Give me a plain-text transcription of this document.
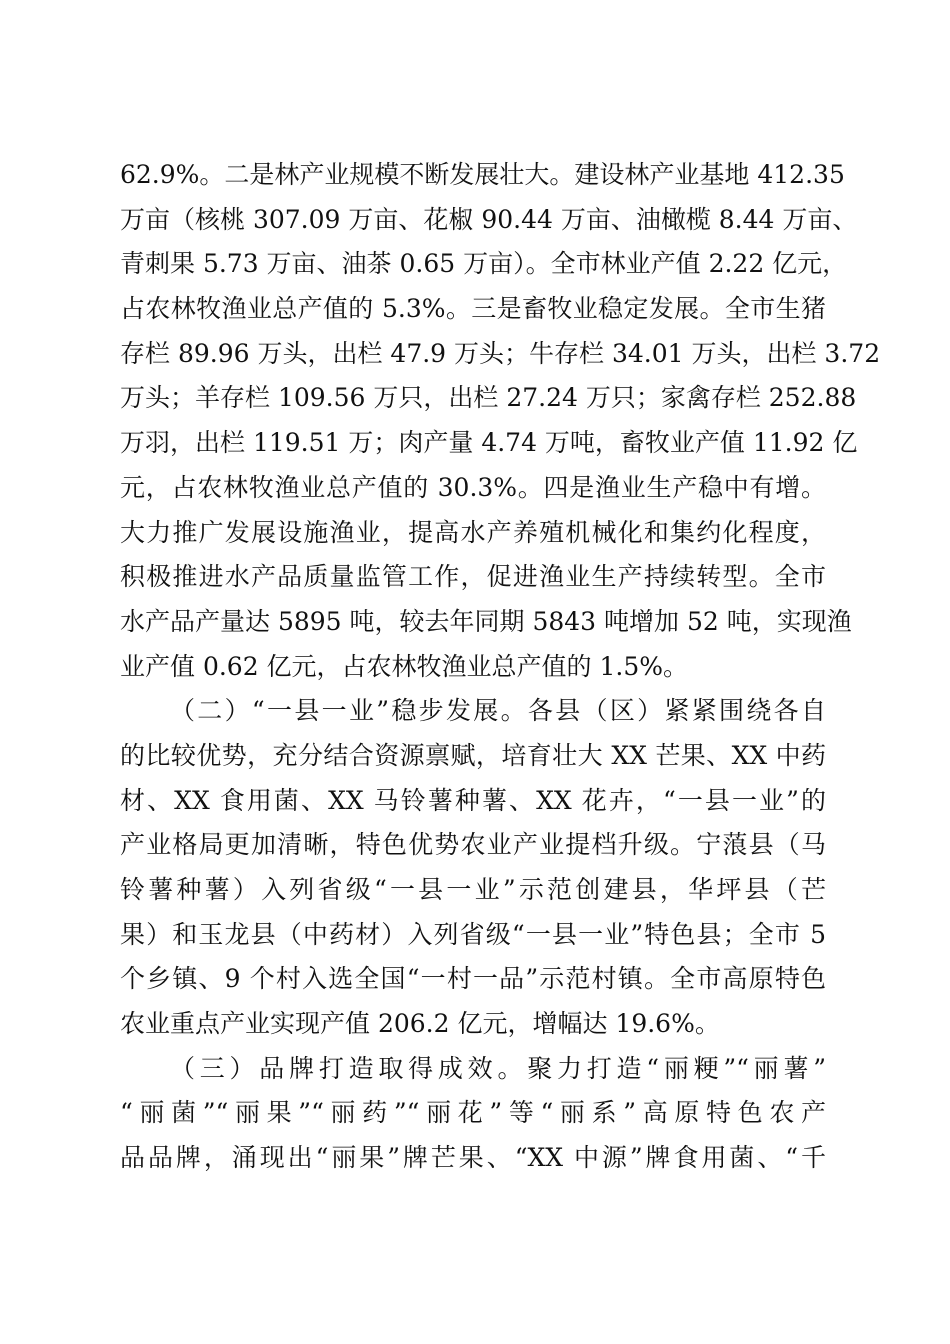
62.9%。二是林产业规模不断发展壮大。建设林产业基地 412.35
万亩（核桃 307.09 万亩、花椒 90.44 万亩、油橄榄 8.44 万亩、
青刺果 5.73 万亩、油茶 0.65 万亩）。全市林业产值 2.22 亿元，
占农林牧渔业总产值的 5.3%。三是畜牧业稳定发展。全市生猪
存栏 89.96 万头，出栏 47.9 万头；牛存栏 34.01 万头，出栏 3.72
万头；羊存栏 109.56 万只，出栏 27.24 万只；家禽存栏 252.88
万羽，出栏 119.51 万；肉产量 4.74 万吨，畜牧业产值 11.92 亿
元，占农林牧渔业总产值的 30.3%。四是渔业生产稳中有增。
大力推广发展设施渔业，提高水产养殖机械化和集约化程度，
积极推进水产品质量监管工作，促进渔业生产持续转型。全市
水产品产量达 5895 吨，较去年同期 5843 吨增加 52 吨，实现渔
业产值 0.62 亿元，占农林牧渔业总产值的 1.5%。
（二）“一县一业”稳步发展。各县（区）紧紧围绕各自
的比较优势，充分结合资源禀赋，培育壮大 XX 芒果、XX 中药
材、XX 食用菌、XX 马铃薯种薯、XX 花卉，“一县一业”的
产业格局更加清晰，特色优势农业产业提档升级。宁蒗县（马
铃薯种薯）入列省级“一县一业”示范创建县，华坪县（芒
果）和玉龙县（中药材）入列省级“一县一业”特色县；全市 5
个乡镇、9 个村入选全国“一村一品”示范村镇。全市高原特色
农业重点产业实现产值 206.2 亿元，增幅达 19.6%。
（三）品牌打造取得成效。聚力打造“丽粳”“丽薯”
“丽菌”“丽果”“丽药”“丽花”等“丽系”高原特色农产
品品牌，涌现出“丽果”牌芒果、“XX 中源”牌食用菌、“千
